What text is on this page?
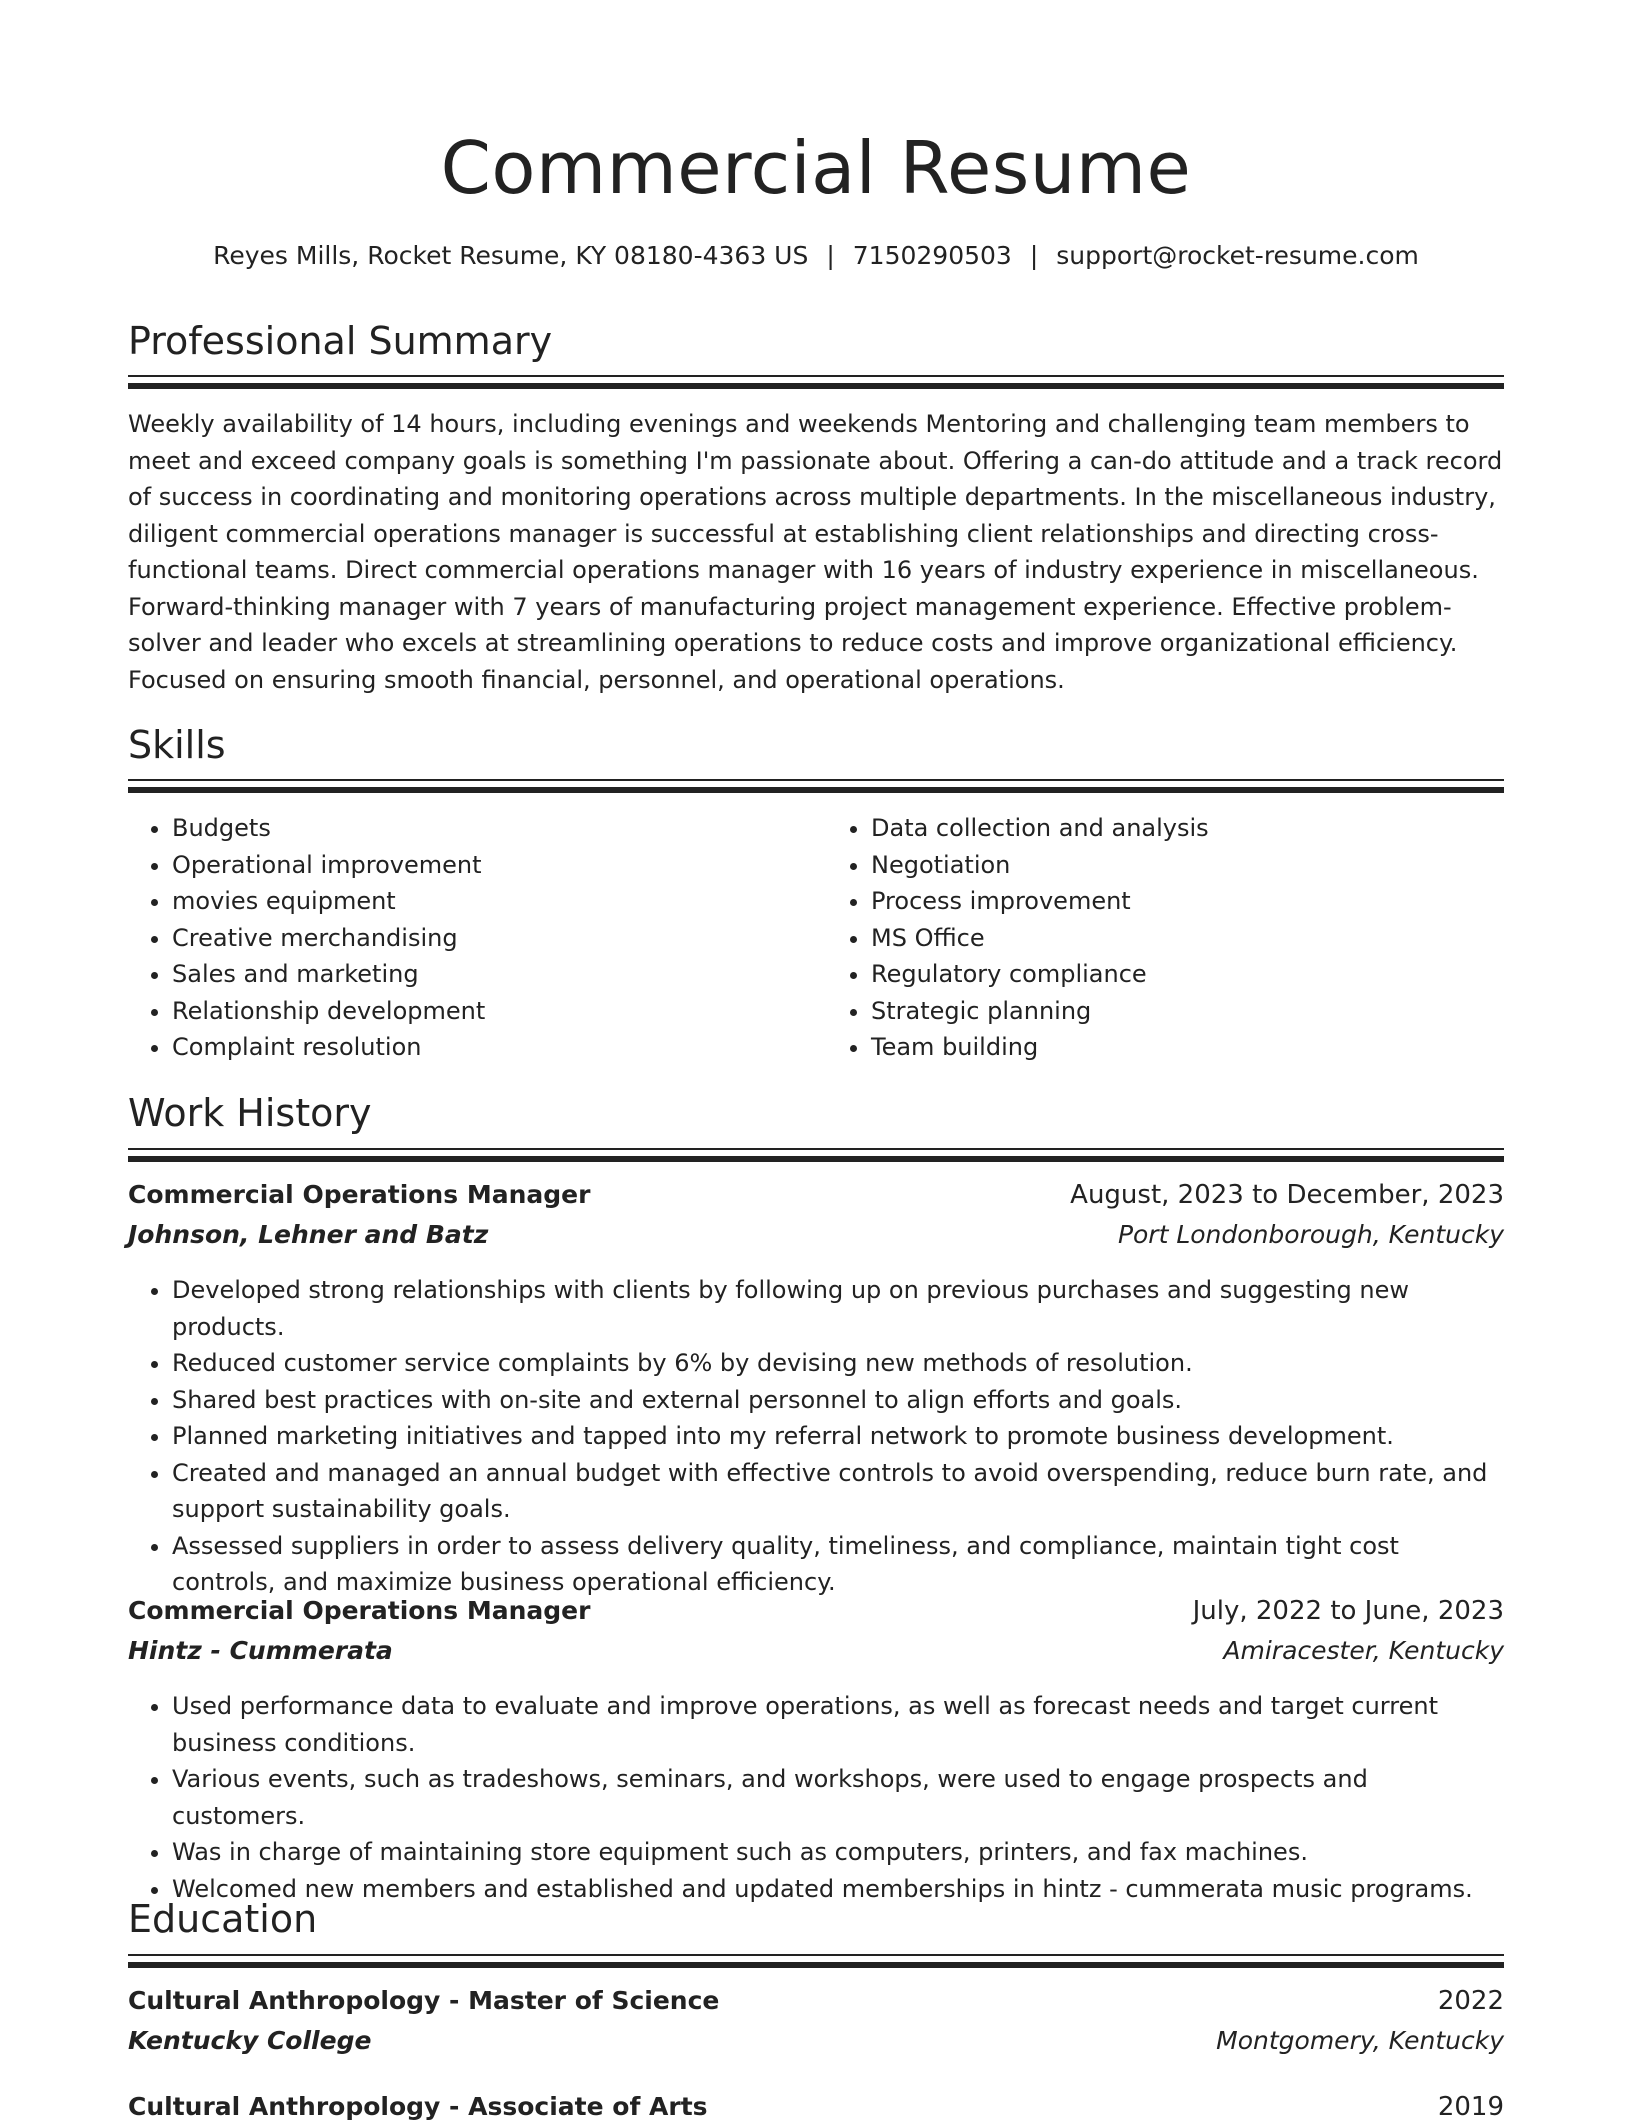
Commercial Resume
Reyes Mills, Rocket Resume, KY 08180-4363 US | 7150290503 | support@rocket-resume.com
Professional Summary

Weekly availability of 14 hours, including evenings and weekends Mentoring and challenging team members to meet and exceed company goals is something I'm passionate about. Offering a can-do attitude and a track record of success in coordinating and monitoring operations across multiple departments. In the miscellaneous industry, diligent commercial operations manager is successful at establishing client relationships and directing cross-functional teams. Direct commercial operations manager with 16 years of industry experience in miscellaneous. Forward-thinking manager with 7 years of manufacturing project management experience. Effective problem-solver and leader who excels at streamlining operations to reduce costs and improve organizational efficiency. Focused on ensuring smooth financial, personnel, and operational operations.

Skills
• Budgets
• Operational improvement
• movies equipment
• Creative merchandising
• Sales and marketing
• Relationship development
• Complaint resolution
• Data collection and analysis
• Negotiation
• Process improvement
• MS Office
• Regulatory compliance
• Strategic planning
• Team building
Work History
Commercial Operations Manager	August, 2023 to December, 2023
Johnson, Lehner and Batz	Port Londonborough, Kentucky
• Developed strong relationships with clients by following up on previous purchases and suggesting new products.
• Reduced customer service complaints by 6% by devising new methods of resolution.
• Shared best practices with on-site and external personnel to align efforts and goals.
• Planned marketing initiatives and tapped into my referral network to promote business development.
• Created and managed an annual budget with effective controls to avoid overspending, reduce burn rate, and support sustainability goals.
• Assessed suppliers in order to assess delivery quality, timeliness, and compliance, maintain tight cost controls, and maximize business operational efficiency.
Commercial Operations Manager	July, 2022 to June, 2023
Hintz - Cummerata	Amiracester, Kentucky
• Used performance data to evaluate and improve operations, as well as forecast needs and target current business conditions.
• Various events, such as tradeshows, seminars, and workshops, were used to engage prospects and customers.
• Was in charge of maintaining store equipment such as computers, printers, and fax machines.
• Welcomed new members and established and updated memberships in hintz - cummerata music programs.
Education
Cultural Anthropology - Master of Science	2022
Kentucky College	Montgomery, Kentucky
Cultural Anthropology - Associate of Arts	2019
